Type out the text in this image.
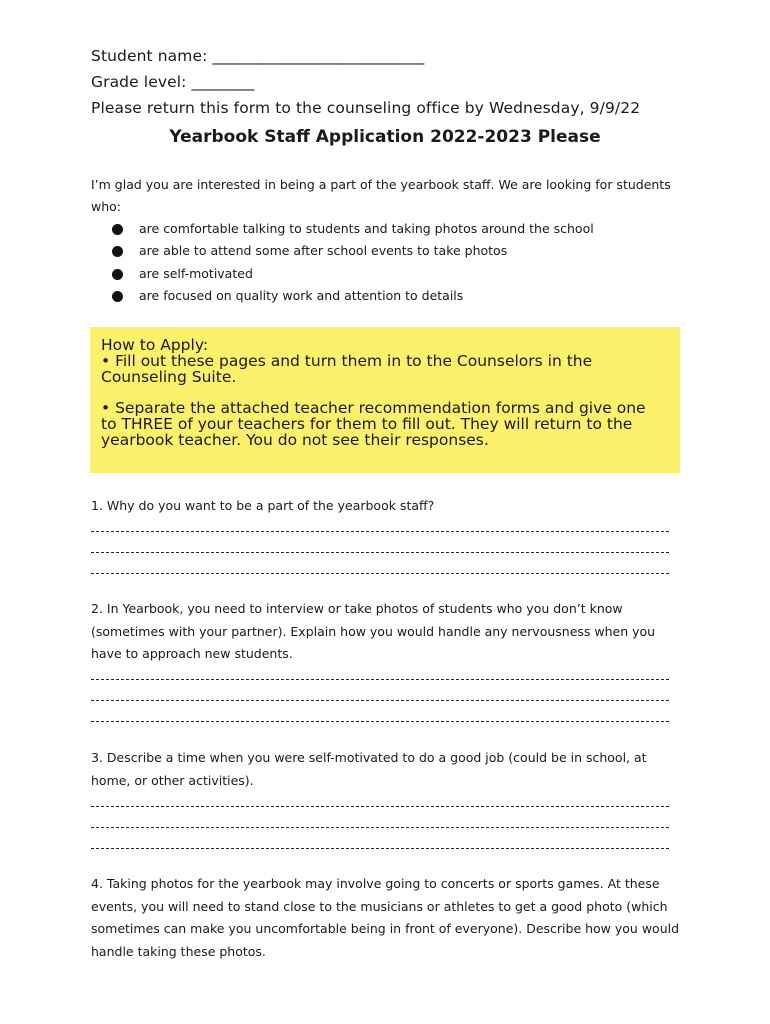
Student name: ___________________________
Grade level: ________
Please return this form to the counseling office by Wednesday, 9/9/22
Yearbook Staff Application 2022-2023 Please
I’m glad you are interested in being a part of the yearbook staff. We are looking for students who:
are comfortable talking to students and taking photos around the school
are able to attend some after school events to take photos
are self-motivated
are focused on quality work and attention to details
How to Apply:
• Fill out these pages and turn them in to the Counselors in the
Counseling Suite.
• Separate the attached teacher recommendation forms and give one
to THREE of your teachers for them to fill out. They will return to the
yearbook teacher. You do not see their responses.
1. Why do you want to be a part of the yearbook staff?
2. In Yearbook, you need to interview or take photos of students who you don’t know (sometimes with your partner). Explain how you would handle any nervousness when you have to approach new students.
3. Describe a time when you were self-motivated to do a good job (could be in school, at home, or other activities).
4. Taking photos for the yearbook may involve going to concerts or sports games. At these events, you will need to stand close to the musicians or athletes to get a good photo (which sometimes can make you uncomfortable being in front of everyone). Describe how you would handle taking these photos.
